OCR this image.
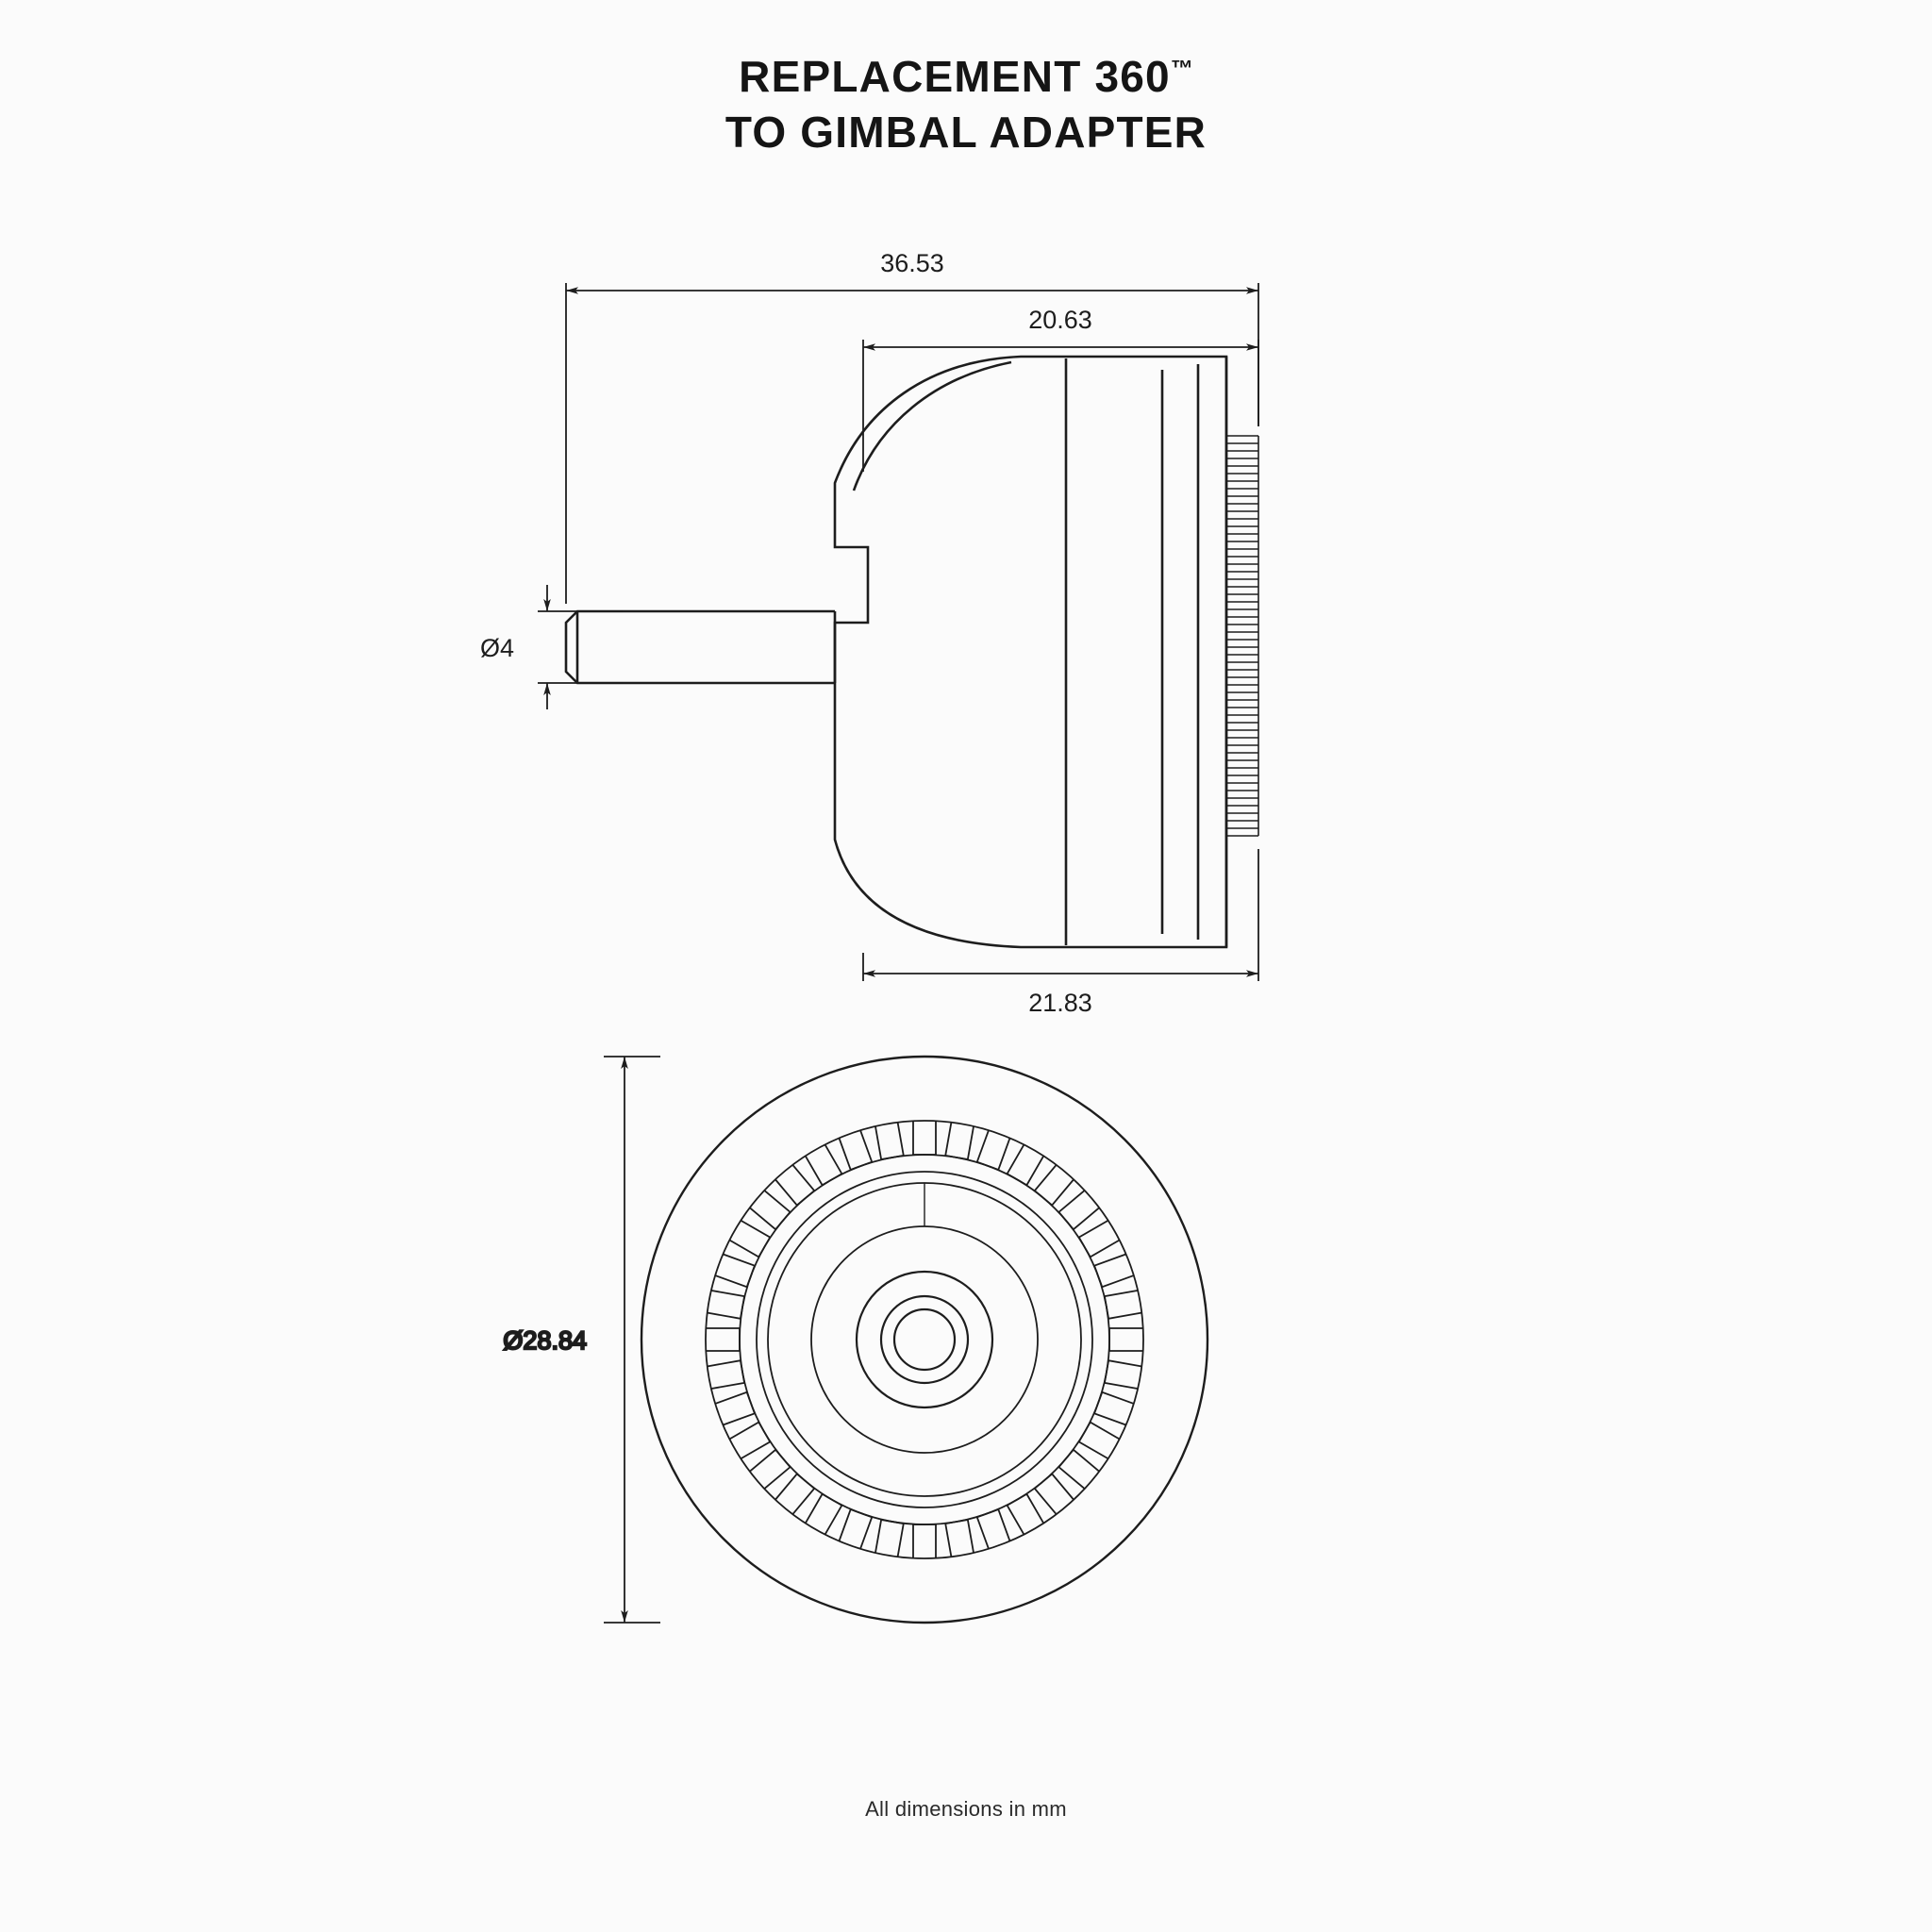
REPLACEMENT 360™
TO GIMBAL ADAPTER
36.53
20.63
Ø4
21.83
Ø28.84
All dimensions in mm
